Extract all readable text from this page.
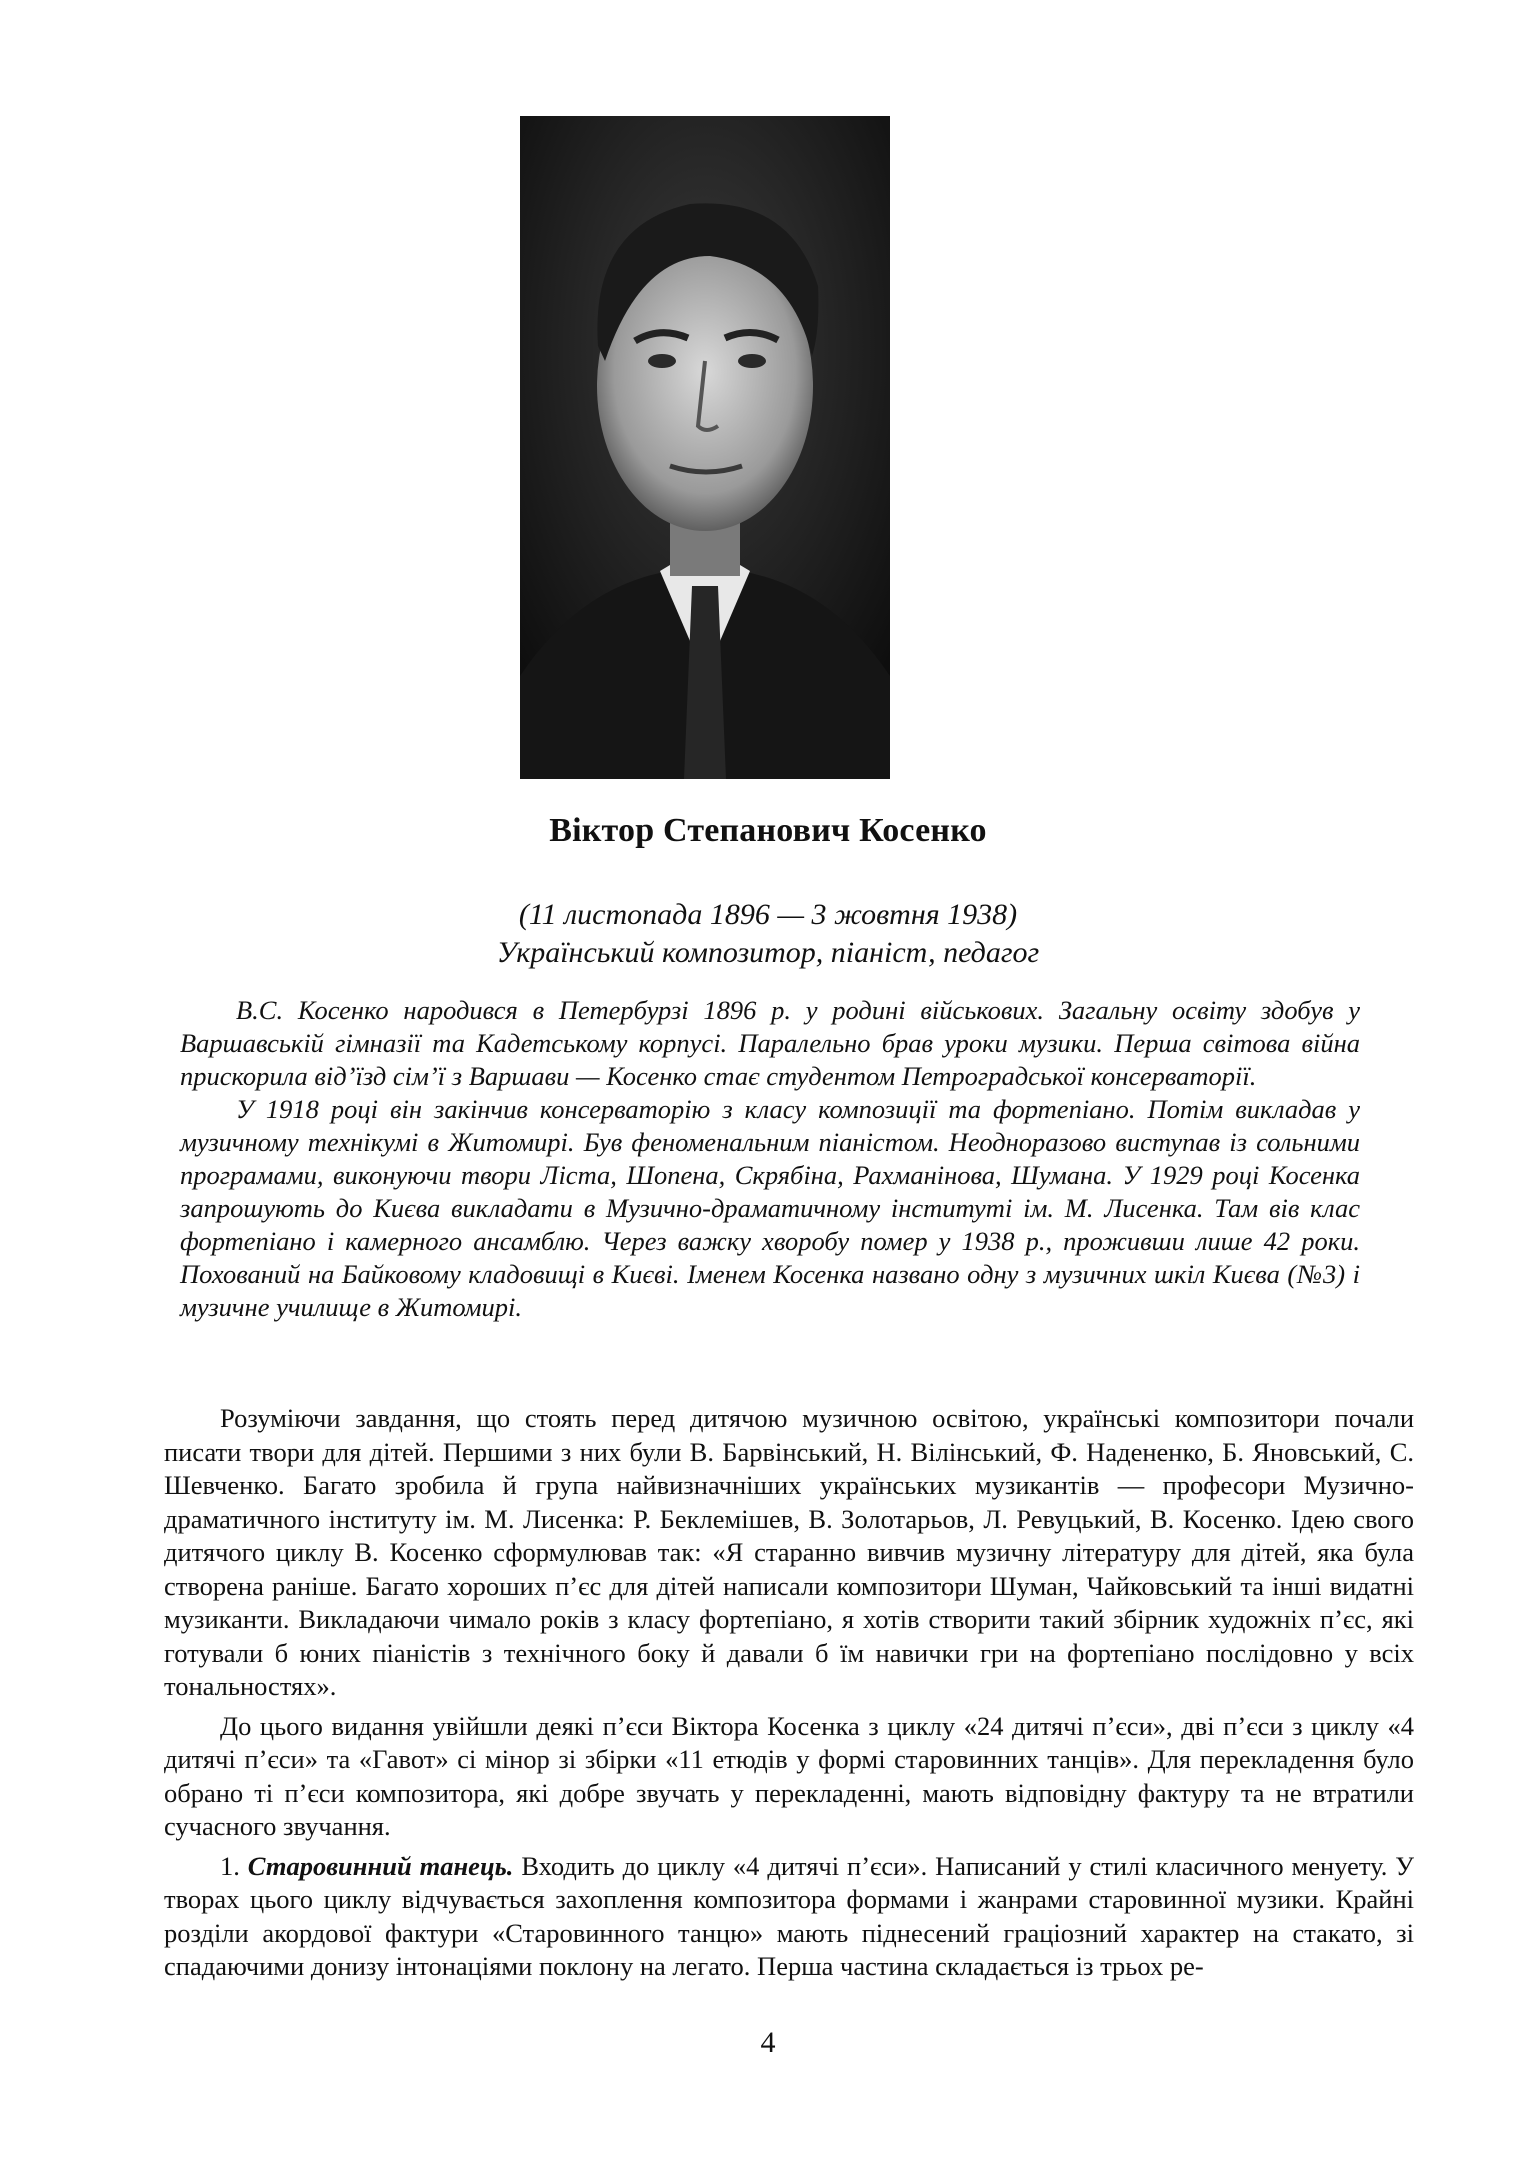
Віктор Степанович Косенко
(11 листопада 1896 — 3 жовтня 1938)
Український композитор, піаніст, педагог

В.С. Косенко народився в Петербурзі 1896 р. у родині військових. Загальну освіту здобув у Варшавській гімназії та Кадетському корпусі. Паралельно брав уроки музики. Перша світова війна прискорила від’їзд сім’ї з Варшави — Косенко стає студентом Петроградської консерваторії.

У 1918 році він закінчив консерваторію з класу композиції та фортепіано. Потім викладав у музичному технікумі в Житомирі. Був феноменальним піаністом. Неодноразово виступав із сольними програмами, виконуючи твори Ліста, Шопена, Скрябіна, Рахманінова, Шумана. У 1929 році Косенка запрошують до Києва викладати в Музично-драматичному інституті ім. М. Лисенка. Там вів клас фортепіано і камерного ансамблю. Через важку хворобу помер у 1938 р., проживши лише 42 роки. Похований на Байковому кладовищі в Києві. Іменем Косенка названо одну з музичних шкіл Києва (№3) і музичне училище в Житомирі.

Розуміючи завдання, що стоять перед дитячою музичною освітою, українські композитори почали писати твори для дітей. Першими з них були В. Барвінський, Н. Вілінський, Ф. Надененко, Б. Яновський, С. Шевченко. Багато зробила й група найвизначніших українських музикантів — професори Музично-драматичного інституту ім. М. Лисенка: Р. Беклемішев, В. Золотарьов, Л. Ревуцький, В. Косенко. Ідею свого дитячого циклу В. Косенко сформулював так: «Я старанно вивчив музичну літературу для дітей, яка була створена раніше. Багато хороших п’єс для дітей написали композитори Шуман, Чайковський та інші видатні музиканти. Викладаючи чимало років з класу фортепіано, я хотів створити такий збірник художніх п’єс, які готували б юних піаністів з технічного боку й давали б їм навички гри на фортепіано послідовно у всіх тональностях».

До цього видання увійшли деякі п’єси Віктора Косенка з циклу «24 дитячі п’єси», дві п’єси з циклу «4 дитячі п’єси» та «Гавот» сі мінор зі збірки «11 етюдів у формі старовинних танців». Для перекладення було обрано ті п’єси композитора, які добре звучать у перекладенні, мають відповідну фактуру та не втратили сучасного звучання.

1. Старовинний танець. Входить до циклу «4 дитячі п’єси». Написаний у стилі класичного менуету. У творах цього циклу відчувається захоплення композитора формами і жанрами старовинної музики. Крайні розділи акордової фактури «Старовинного танцю» мають піднесений граціозний характер на стакато, зі спадаючими донизу інтонаціями поклону на легато. Перша частина складається із трьох ре-

4
